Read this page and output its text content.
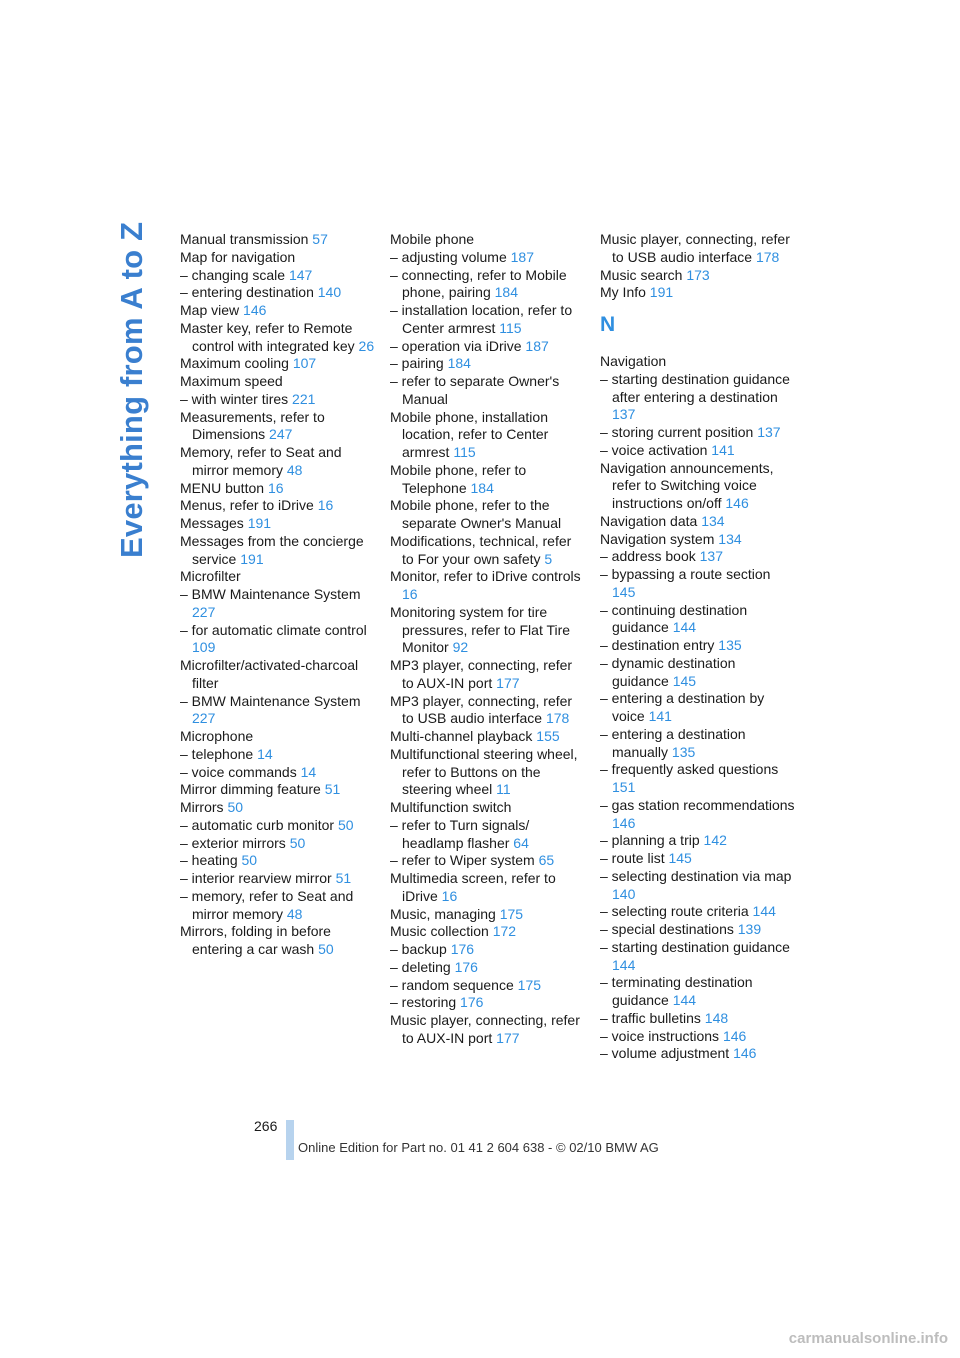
Everything from A to Z Manual transmission 57
Map for navigation
– changing scale 147
– entering destination 140
Map view 146
Master key, refer to Remote control with integrated key 26
Maximum cooling 107
Maximum speed
– with winter tires 221
Measurements, refer to Dimensions 247
Memory, refer to Seat and mirror memory 48
MENU button 16
Menus, refer to iDrive 16
Messages 191
Messages from the concierge service 191
Microfilter
– BMW Maintenance System 227
– for automatic climate control 109
Microfilter/activated-charcoal filter
– BMW Maintenance System 227
Microphone
– telephone 14
– voice commands 14
Mirror dimming feature 51
Mirrors 50
– automatic curb monitor 50
– exterior mirrors 50
– heating 50
– interior rearview mirror 51
– memory, refer to Seat and mirror memory 48
Mirrors, folding in before entering a car wash 50
Mobile phone
– adjusting volume 187
– connecting, refer to Mobile phone, pairing 184
– installation location, refer to Center armrest 115
– operation via iDrive 187
– pairing 184
– refer to separate Owner's Manual
Mobile phone, installation location, refer to Center armrest 115
Mobile phone, refer to Telephone 184
Mobile phone, refer to the separate Owner's Manual
Modifications, technical, refer to For your own safety 5
Monitor, refer to iDrive controls 16
Monitoring system for tire pressures, refer to Flat Tire Monitor 92
MP3 player, connecting, refer to AUX-IN port 177
MP3 player, connecting, refer to USB audio interface 178
Multi-channel playback 155
Multifunctional steering wheel, refer to Buttons on the steering wheel 11
Multifunction switch
– refer to Turn signals/ headlamp flasher 64
– refer to Wiper system 65
Multimedia screen, refer to iDrive 16
Music, managing 175
Music collection 172
– backup 176
– deleting 176
– random sequence 175
– restoring 176
Music player, connecting, refer to AUX-IN port 177
Music player, connecting, refer to USB audio interface 178
Music search 173
My Info 191
N
Navigation
– starting destination guidance after entering a destination 137
– storing current position 137
– voice activation 141
Navigation announcements, refer to Switching voice instructions on/off 146
Navigation data 134
Navigation system 134
– address book 137
– bypassing a route section 145
– continuing destination guidance 144
– destination entry 135
– dynamic destination guidance 145
– entering a destination by voice 141
– entering a destination manually 135
– frequently asked questions 151
– gas station recommendations 146
– planning a trip 142
– route list 145
– selecting destination via map 140
– selecting route criteria 144
– special destinations 139
– starting destination guidance 144
– terminating destination guidance 144
– traffic bulletins 148
– voice instructions 146
– volume adjustment 146
266
Online Edition for Part no. 01 41 2 604 638 - © 02/10 BMW AG
carmanualsonline.info
